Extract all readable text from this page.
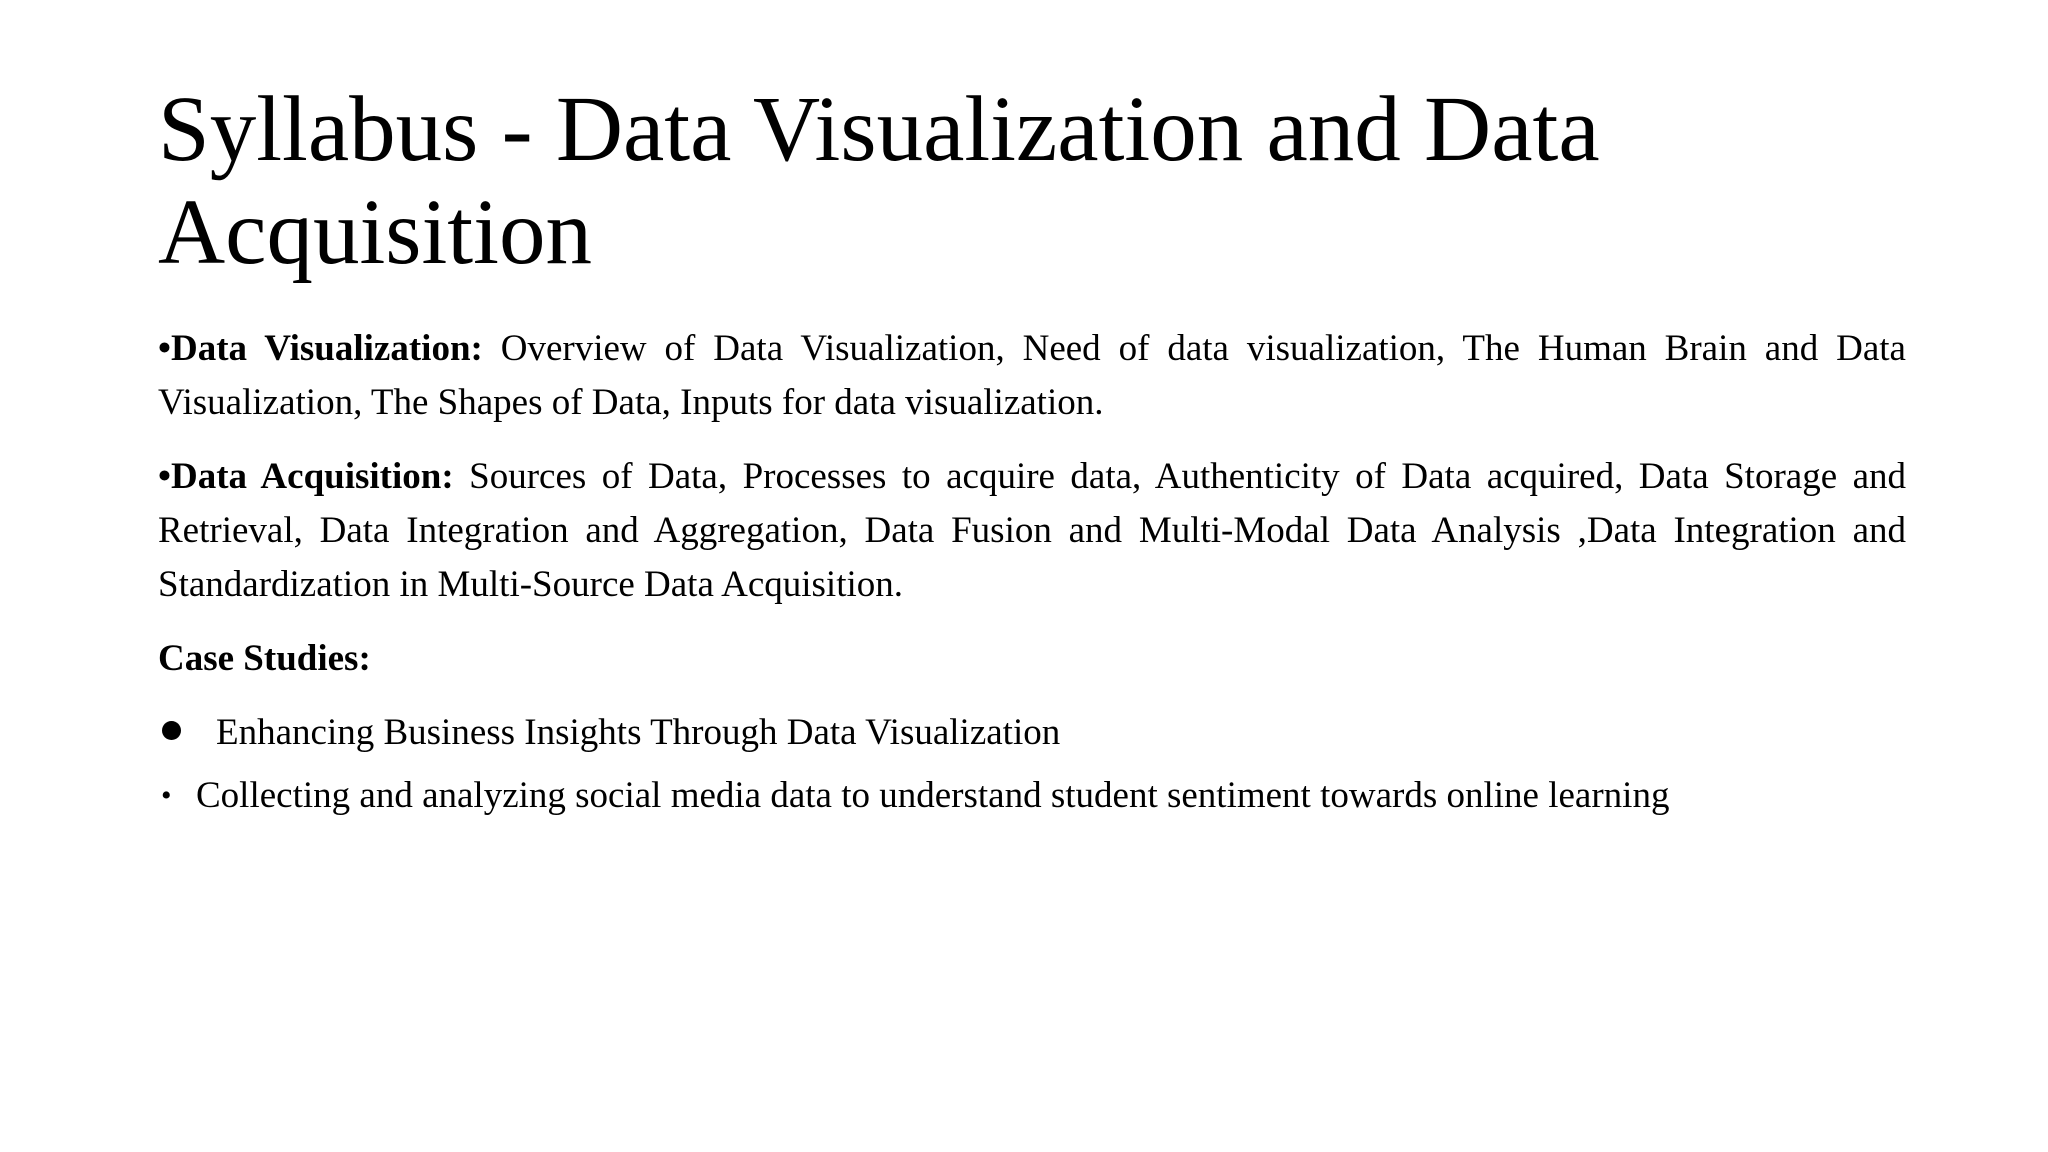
Syllabus - Data Visualization and Data Acquisition

•Data Visualization: Overview of Data Visualization, Need of data visualization, The Human Brain and Data Visualization, The Shapes of Data, Inputs for data visualization.

•Data Acquisition: Sources of Data, Processes to acquire data, Authenticity of Data acquired, Data Storage and Retrieval, Data Integration and Aggregation, Data Fusion and Multi-Modal Data Analysis ,Data Integration and Standardization in Multi-Source Data Acquisition.

Case Studies:

Enhancing Business Insights Through Data Visualization
• Collecting and analyzing social media data to understand student sentiment towards online learning
